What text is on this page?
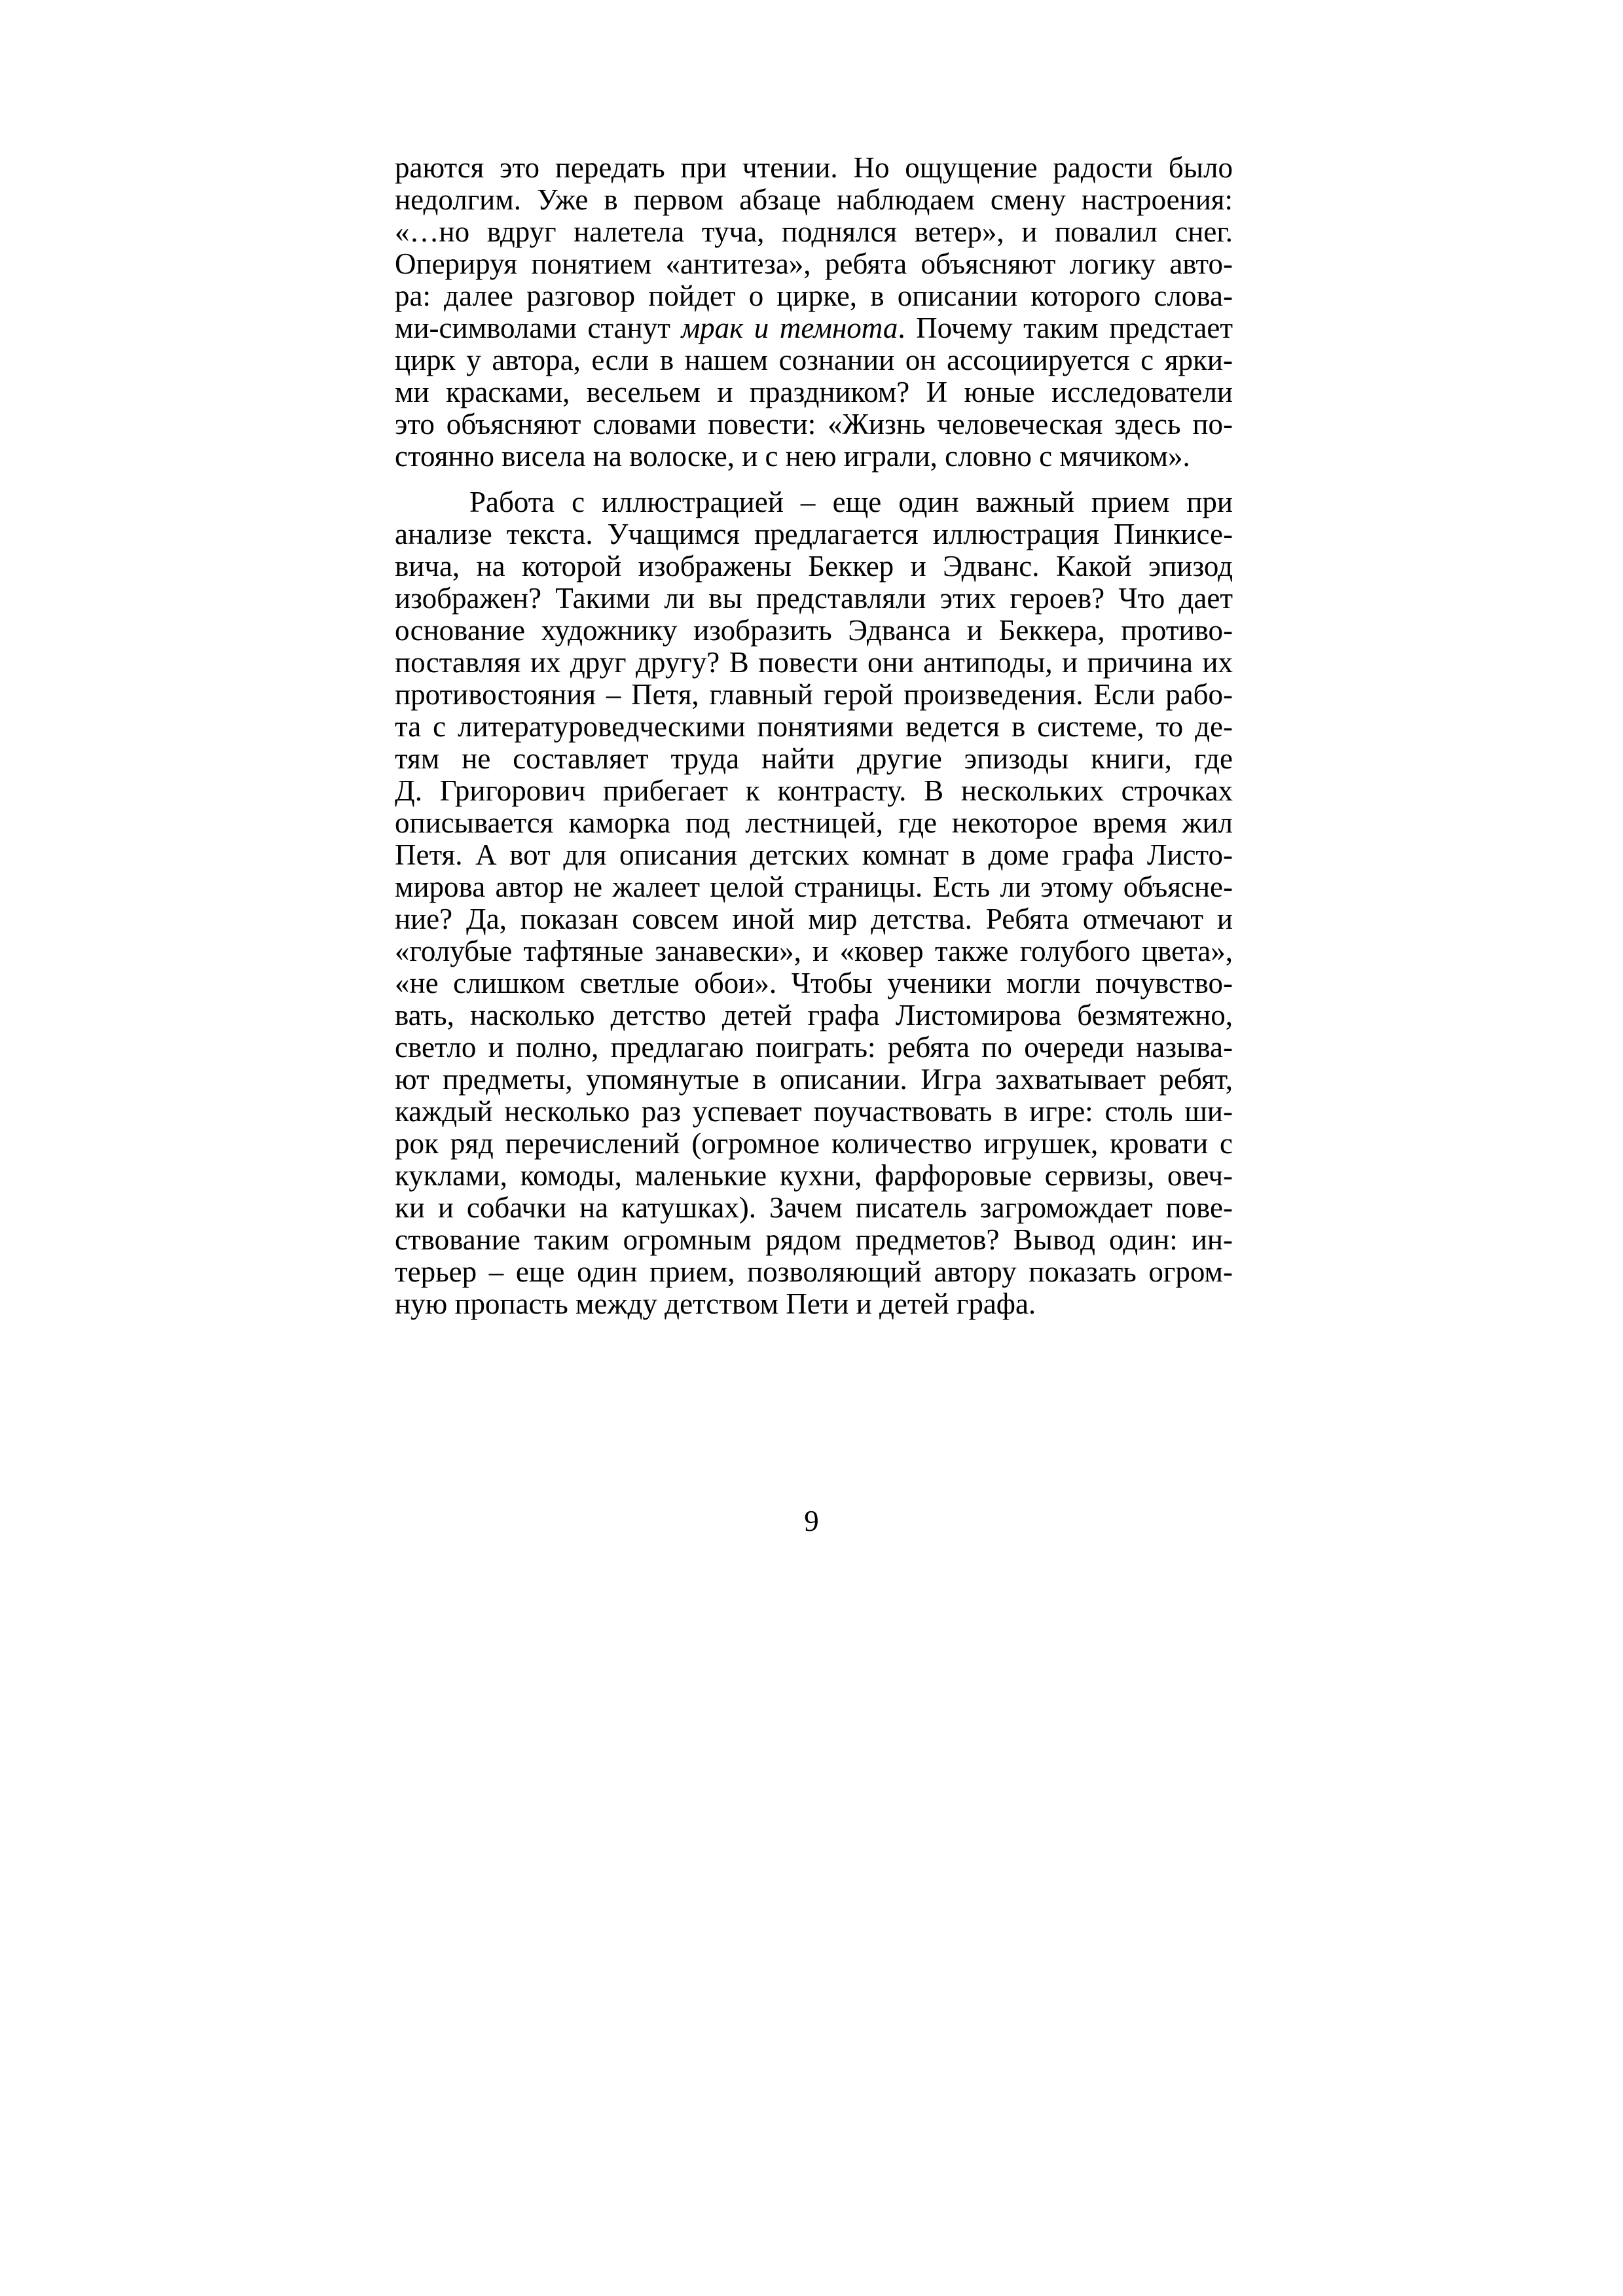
раются это передать при чтении. Но ощущение радости было
недолгим. Уже в первом абзаце наблюдаем смену настроения:
«…но вдруг налетела туча, поднялся ветер», и повалил снег.
Оперируя понятием «антитеза», ребята объясняют логику авто-
ра: далее разговор пойдет о цирке, в описании которого слова-
ми-символами станут мрак и темнота. Почему таким предстает
цирк у автора, если в нашем сознании он ассоциируется с ярки-
ми красками, весельем и праздником? И юные исследователи
это объясняют словами повести: «Жизнь человеческая здесь по-
стоянно висела на волоске, и с нею играли, словно с мячиком».
Работа с иллюстрацией – еще один важный прием при
анализе текста. Учащимся предлагается иллюстрация Пинкисе-
вича, на которой изображены Беккер и Эдванс. Какой эпизод
изображен? Такими ли вы представляли этих героев? Что дает
основание художнику изобразить Эдванса и Беккера, противо-
поставляя их друг другу? В повести они антиподы, и причина их
противостояния – Петя, главный герой произведения. Если рабо-
та с литературоведческими понятиями ведется в системе, то де-
тям не составляет труда найти другие эпизоды книги, где
Д. Григорович прибегает к контрасту. В нескольких строчках
описывается каморка под лестницей, где некоторое время жил
Петя. А вот для описания детских комнат в доме графа Листо-
мирова автор не жалеет целой страницы. Есть ли этому объясне-
ние? Да, показан совсем иной мир детства. Ребята отмечают и
«голубые тафтяные занавески», и «ковер также голубого цвета»,
«не слишком светлые обои». Чтобы ученики могли почувство-
вать, насколько детство детей графа Листомирова безмятежно,
светло и полно, предлагаю поиграть: ребята по очереди называ-
ют предметы, упомянутые в описании. Игра захватывает ребят,
каждый несколько раз успевает поучаствовать в игре: столь ши-
рок ряд перечислений (огромное количество игрушек, кровати с
куклами, комоды, маленькие кухни, фарфоровые сервизы, овеч-
ки и собачки на катушках). Зачем писатель загромождает пове-
ствование таким огромным рядом предметов? Вывод один: ин-
терьер – еще один прием, позволяющий автору показать огром-
ную пропасть между детством Пети и детей графа.
9
